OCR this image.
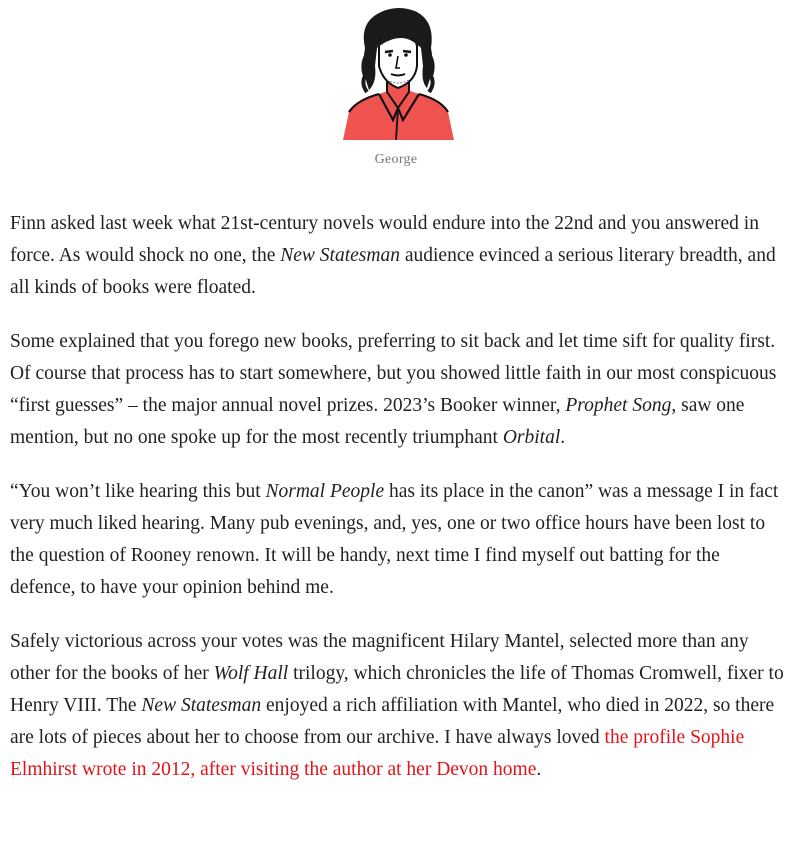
George

Finn asked last week what 21st-century novels would endure into the 22nd and you answered in force. As would shock no one, the New Statesman audience evinced a serious literary breadth, and all kinds of books were floated.

Some explained that you forego new books, preferring to sit back and let time sift for quality first. Of course that process has to start somewhere, but you showed little faith in our most conspicuous “first guesses” – the major annual novel prizes. 2023’s Booker winner, Prophet Song, saw one mention, but no one spoke up for the most recently triumphant Orbital.

“You won’t like hearing this but Normal People has its place in the canon” was a message I in fact very much liked hearing. Many pub evenings, and, yes, one or two office hours have been lost to the question of Rooney renown. It will be handy, next time I find myself out batting for the defence, to have your opinion behind me.

Safely victorious across your votes was the magnificent Hilary Mantel, selected more than any other for the books of her Wolf Hall trilogy, which chronicles the life of Thomas Cromwell, fixer to Henry VIII. The New Statesman enjoyed a rich affiliation with Mantel, who died in 2022, so there are lots of pieces about her to choose from our archive. I have always loved the profile Sophie Elmhirst wrote in 2012, after visiting the author at her Devon home.
